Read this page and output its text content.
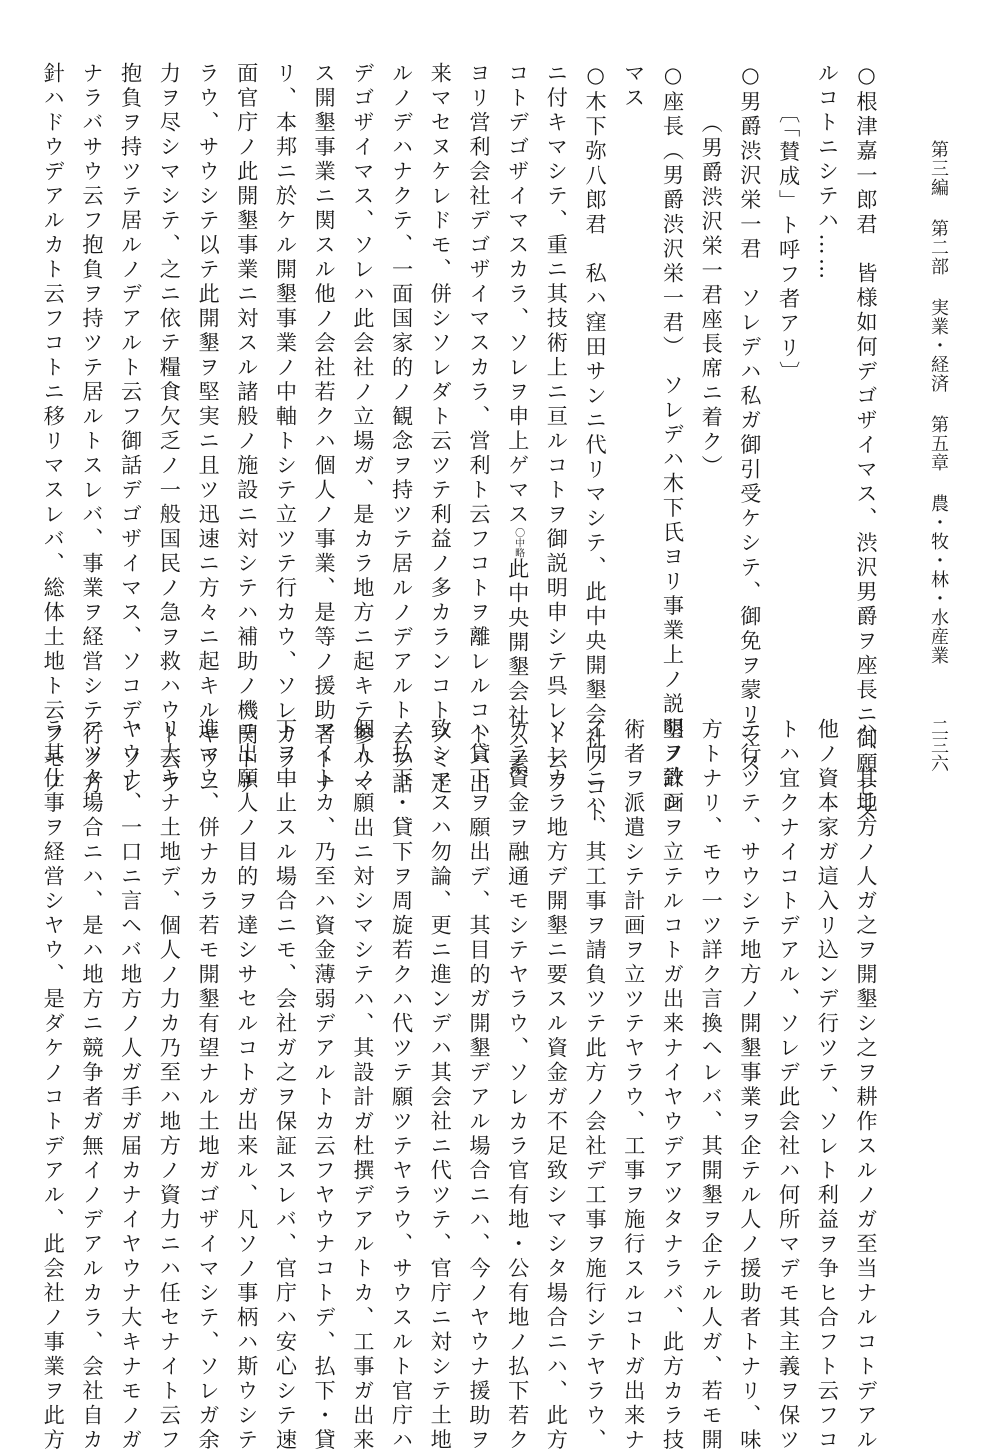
第三編第二部実業・経済第五章農・牧・林・水産業
二三六
○根津嘉一郎君　皆様如何デゴザイマス、渋沢男爵ヲ座長ニ御願ヒス
ルコトニシテハ……
〔「賛成」ト呼フ者アリ〕
○男爵渋沢栄一君　ソレデハ私ガ御引受ケシテ、御免ヲ蒙リマス
（男爵渋沢栄一君座長席ニ着ク）
○座長（男爵渋沢栄一君）　ソレデハ木下氏ヨリ事業上ノ説明ヲ致シ
マス
○木下弥八郎君　私ハ窪田サンニ代リマシテ、此中央開墾会社ノコト
ニ付キマシテ、重ニ其技術上ニ亘ルコトヲ御説明申シテ呉レト云フ
コトデゴザイマスカラ、ソレヲ申上ゲマス〇中略此中央開墾会社ハ素
ヨリ営利会社デゴザイマスカラ、営利ト云フコトヲ離レルコトハ出
来マセヌケレドモ、併シソレダト云ツテ利益ノ多カランコトノミ走
ルノデハナクテ、一面国家的ノ観念ヲ持ツテ居ルノデアルト云フ話
デゴザイマス、ソレハ此会社ノ立場ガ、是カラ地方ニ起キテ参リマ
ス開墾事業ニ関スル他ノ会社若クハ個人ノ事業、是等ノ援助者トナ
リ、本邦ニ於ケル開墾事業ノ中軸トシテ立ツテ行カウ、ソレカラ一
面官庁ノ此開墾事業ニ対スル諸般ノ施設ニ対シテハ補助ノ機関トナ
ラウ、サウシテ以テ此開墾ヲ堅実ニ且ツ迅速ニ方々ニ起キルヤウニ
力ヲ尽シマシテ、之ニ依テ糧食欠乏ノ一般国民ノ急ヲ救ハウト云フ
抱負ヲ持ツテ居ルノデアルト云フ御話デゴザイマス、ソコデ、ソレ
ナラバサウ云フ抱負ヲ持ツテ居ルトスレバ、事業ヲ経営シテ行ク方
針ハドウデアルカト云フコトニ移リマスレバ、総体土地ト云フモノ
ハ、其地方ノ人ガ之ヲ開墾シ之ヲ耕作スルノガ至当ナルコトデアル
他ノ資本家ガ這入リ込ンデ行ツテ、ソレト利益ヲ争ヒ合フト云フコ
トハ宜クナイコトデアル、ソレデ此会社ハ何所マデモ其主義ヲ保ツ
テ行ツテ、サウシテ地方ノ開墾事業ヲ企テル人ノ援助者トナリ、味
方トナリ、モウ一ツ詳ク言換ヘレバ、其開墾ヲ企テル人ガ、若モ開
墾ノ計画ヲ立テルコトガ出来ナイヤウデアツタナラバ、此方カラ技
術者ヲ派遣シテ計画ヲ立ツテヤラウ、工事ヲ施行スルコトガ出来ナ
イ向ニハ、其工事ヲ請負ツテ此方ノ会社デ工事ヲ施行シテヤラウ、
ソレカラ地方デ開墾ニ要スル資金ガ不足致シマシタ場合ニハ、此方
カラ資金ヲ融通モシテヤラウ、ソレカラ官有地・公有地ノ払下若ク
ハ貸下ヲ願出デ、其目的ガ開墾デアル場合ニハ、今ノヤウナ援助ヲ
致シマスハ勿論、更ニ進ンデハ其会社ニ代ツテ、官庁ニ対シテ土地
ノ払下・貸下ヲ周旋若クハ代ツテ願ツテヤラウ、サウスルト官庁ハ
個人ノ願出ニ対シマシテハ、其設計ガ杜撰デアルトカ、工事ガ出来
マイトカ、乃至ハ資金薄弱デアルトカ云フヤウナコトデ、払下・貸
下ヲ中止スル場合ニモ、会社ガ之ヲ保証スレバ、官庁ハ安心シテ速
ニ出願人ノ目的ヲ達シサセルコトガ出来ル、凡ソノ事柄ハ斯ウシテ
進マウ、併ナカラ若モ開墾有望ナル土地ガゴザイマシテ、ソレガ余
リ大キナ土地デ、個人ノ力カ乃至ハ地方ノ資力ニハ任セナイト云フ
ヤウナ、一口ニ言ヘバ地方ノ人ガ手ガ届カナイヤウナ大キナモノガ
アツタ場合ニハ、是ハ地方ニ競争者ガ無イノデアルカラ、会社自カ
ラ其仕事ヲ経営シヤウ、是ダケノコトデアル、此会社ノ事業ヲ此方
